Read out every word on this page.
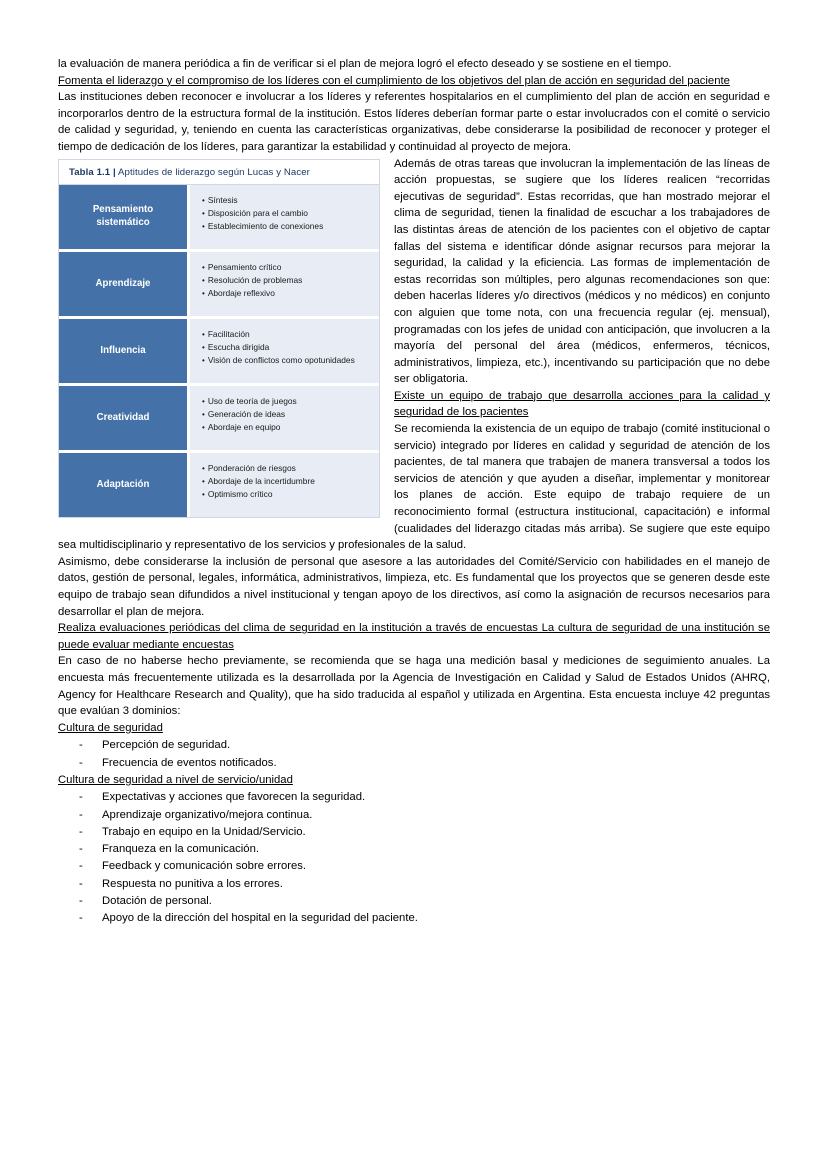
la evaluación de manera periódica a fin de verificar si el plan de mejora logró el efecto deseado y se sostiene en el tiempo.

Fomenta el liderazgo y el compromiso de los líderes con el cumplimiento de los objetivos del plan de acción en seguridad del paciente

Las instituciones deben reconocer e involucrar a los líderes y referentes hospitalarios en el cumplimiento del plan de acción en seguridad e incorporarlos dentro de la estructura formal de la institución. Estos líderes deberían formar parte o estar involucrados con el comité o servicio de calidad y seguridad, y, teniendo en cuenta las características organizativas, debe considerarse la posibilidad de reconocer y proteger el tiempo de dedicación de los líderes, para garantizar la estabilidad y continuidad al proyecto de mejora.

Tabla 1.1 | Aptitudes de liderazgo según Lucas y Nacer
Pensamiento sistemático
• Síntesis
• Disposición para el cambio
• Establecimiento de conexiones
Aprendizaje
• Pensamiento crítico
• Resolución de problemas
• Abordaje reflexivo
Influencia
• Facilitación
• Escucha dirigida
• Visión de conflictos como opotunidades
Creatividad
• Uso de teoría de juegos
• Generación de ideas
• Abordaje en equipo
Adaptación
• Ponderación de riesgos
• Abordaje de la incertidumbre
• Optimismo crítico

Además de otras tareas que involucran la implementación de las líneas de acción propuestas, se sugiere que los líderes realicen “recorridas ejecutivas de seguridad”. Estas recorridas, que han mostrado mejorar el clima de seguridad, tienen la finalidad de escuchar a los trabajadores de las distintas áreas de atención de los pacientes con el objetivo de captar fallas del sistema e identificar dónde asignar recursos para mejorar la seguridad, la calidad y la eficiencia. Las formas de implementación de estas recorridas son múltiples, pero algunas recomendaciones son que: deben hacerlas líderes y/o directivos (médicos y no médicos) en conjunto con alguien que tome nota, con una frecuencia regular (ej. mensual), programadas con los jefes de unidad con anticipación, que involucren a la mayoría del personal del área (médicos, enfermeros, técnicos, administrativos, limpieza, etc.), incentivando su participación que no debe ser obligatoria.

Existe un equipo de trabajo que desarrolla acciones para la calidad y seguridad de los pacientes

Se recomienda la existencia de un equipo de trabajo (comité institucional o servicio) integrado por líderes en calidad y seguridad de atención de los pacientes, de tal manera que trabajen de manera transversal a todos los servicios de atención y que ayuden a diseñar, implementar y monitorear los planes de acción. Este equipo de trabajo requiere de un reconocimiento formal (estructura institucional, capacitación) e informal (cualidades del liderazgo citadas más arriba). Se sugiere que este equipo sea multidisciplinario y representativo de los servicios y profesionales de la salud.

Asimismo, debe considerarse la inclusión de personal que asesore a las autoridades del Comité/Servicio con habilidades en el manejo de datos, gestión de personal, legales, informática, administrativos, limpieza, etc. Es fundamental que los proyectos que se generen desde este equipo de trabajo sean difundidos a nivel institucional y tengan apoyo de los directivos, así como la asignación de recursos necesarios para desarrollar el plan de mejora.

Realiza evaluaciones periódicas del clima de seguridad en la institución a través de encuestas La cultura de seguridad de una institución se puede evaluar mediante encuestas

En caso de no haberse hecho previamente, se recomienda que se haga una medición basal y mediciones de seguimiento anuales. La encuesta más frecuentemente utilizada es la desarrollada por la Agencia de Investigación en Calidad y Salud de Estados Unidos (AHRQ, Agency for Healthcare Research and Quality), que ha sido traducida al español y utilizada en Argentina. Esta encuesta incluye 42 preguntas que evalúan 3 dominios:

Cultura de seguridad

- Percepción de seguridad.
- Frecuencia de eventos notificados.

Cultura de seguridad a nivel de servicio/unidad

- Expectativas y acciones que favorecen la seguridad.
- Aprendizaje organizativo/mejora continua.
- Trabajo en equipo en la Unidad/Servicio.
- Franqueza en la comunicación.
- Feedback y comunicación sobre errores.
- Respuesta no punitiva a los errores.
- Dotación de personal.
- Apoyo de la dirección del hospital en la seguridad del paciente.
